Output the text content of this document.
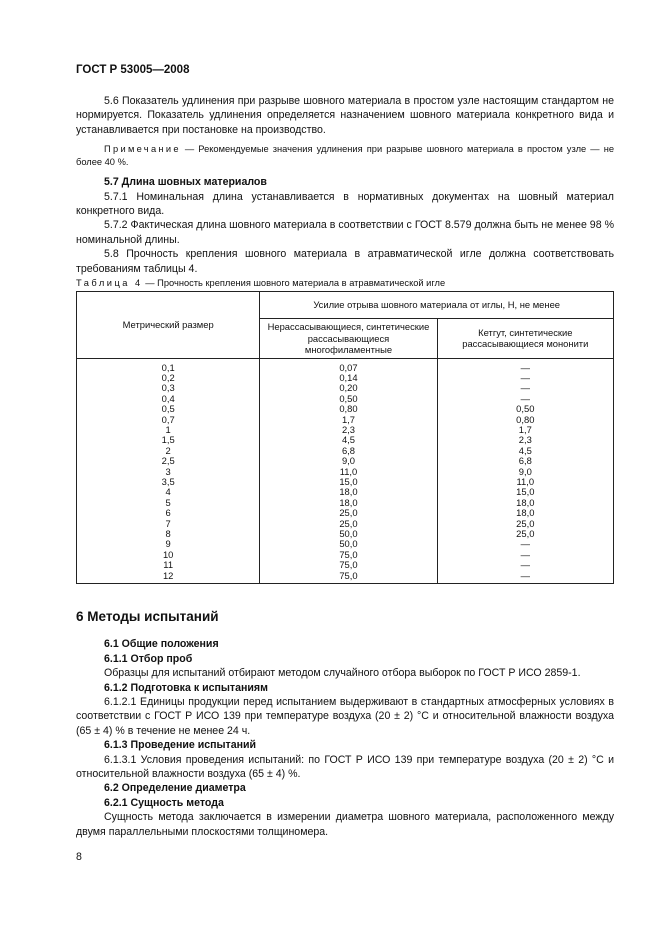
ГОСТ Р 53005—2008

5.6 Показатель удлинения при разрыве шовного материала в простом узле настоящим стандартом не нормируется. Показатель удлинения определяется назначением шовного материала конкретного вида и устанавливается при постановке на производство.

Примечание — Рекомендуемые значения удлинения при разрыве шовного материала в простом узле — не более 40 %.

5.7 Длина шовных материалов

5.7.1 Номинальная длина устанавливается в нормативных документах на шовный материал конкретного вида.

5.7.2 Фактическая длина шовного материала в соответствии с ГОСТ 8.579 должна быть не менее 98 % номинальной длины.

5.8 Прочность крепления шовного материала в атравматической игле должна соответствовать требованиям таблицы 4.

Таблица 4 — Прочность крепления шовного материала в атравматической игле
Метрический размер	Усилие отрыва шовного материала от иглы, Н, не менее	
	Нерассасывающиеся, синтетические рассасывающиеся многофиламентные	Кетгут, синтетические рассасывающиеся мононити
0,1	0,07	—
0,2	0,14	—
0,3	0,20	—
0,4	0,50	—
0,5	0,80	0,50
0,7	1,7	0,80
1	2,3	1,7
1,5	4,5	2,3
2	6,8	4,5
2,5	9,0	6,8
3	11,0	9,0
3,5	15,0	11,0
4	18,0	15,0
5	18,0	18,0
6	25,0	18,0
7	25,0	25,0
8	50,0	25,0
9	50,0	—
10	75,0	—
11	75,0	—
12	75,0	—

6 Методы испытаний

6.1 Общие положения

6.1.1 Отбор проб

Образцы для испытаний отбирают методом случайного отбора выборок по ГОСТ Р ИСО 2859-1.

6.1.2 Подготовка к испытаниям

6.1.2.1 Единицы продукции перед испытанием выдерживают в стандартных атмосферных условиях в соответствии с ГОСТ Р ИСО 139 при температуре воздуха (20 ± 2) °С и относительной влажности воздуха (65 ± 4) % в течение не менее 24 ч.

6.1.3 Проведение испытаний

6.1.3.1 Условия проведения испытаний: по ГОСТ Р ИСО 139 при температуре воздуха (20 ± 2) °С и относительной влажности воздуха (65 ± 4) %.

6.2 Определение диаметра

6.2.1 Сущность метода

Сущность метода заключается в измерении диаметра шовного материала, расположенного между двумя параллельными плоскостями толщиномера.

8
